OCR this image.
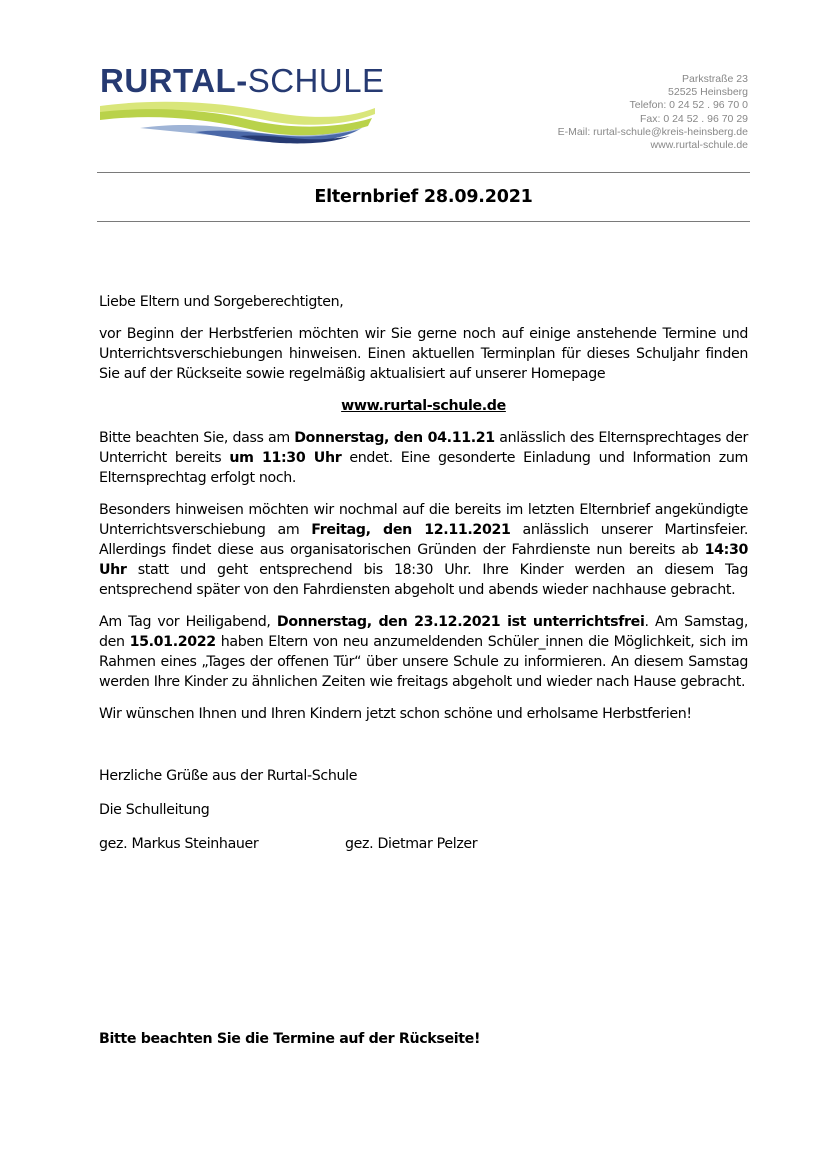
RURTAL-SCHULE	Parkstraße 23
52525 Heinsberg
Telefon: 0 24 52 . 96 70 0
Fax: 0 24 52 . 96 70 29
E-Mail: rurtal-schule@kreis-heinsberg.de
www.rurtal-schule.de
Elternbrief 28.09.2021

Liebe Eltern und Sorgeberechtigten,

vor Beginn der Herbstferien möchten wir Sie gerne noch auf einige anstehende Termine und Unterrichtsverschiebungen hinweisen. Einen aktuellen Terminplan für dieses Schuljahr finden Sie auf der Rückseite sowie regelmäßig aktualisiert auf unserer Homepage

www.rurtal-schule.de

Bitte beachten Sie, dass am Donnerstag, den 04.11.21 anlässlich des Elternsprechtages der Unterricht bereits um 11:30 Uhr endet. Eine gesonderte Einladung und Information zum Elternsprechtag erfolgt noch.

Besonders hinweisen möchten wir nochmal auf die bereits im letzten Elternbrief angekündigte Unterrichtsverschiebung am Freitag, den 12.11.2021 anlässlich unserer Martinsfeier. Allerdings findet diese aus organisatorischen Gründen der Fahrdienste nun bereits ab 14:30 Uhr statt und geht entsprechend bis 18:30 Uhr. Ihre Kinder werden an diesem Tag entsprechend später von den Fahrdiensten abgeholt und abends wieder nachhause gebracht.

Am Tag vor Heiligabend, Donnerstag, den 23.12.2021 ist unterrichtsfrei. Am Samstag, den 15.01.2022 haben Eltern von neu anzumeldenden Schüler_innen die Möglichkeit, sich im Rahmen eines „Tages der offenen Tür“ über unsere Schule zu informieren. An diesem Samstag werden Ihre Kinder zu ähnlichen Zeiten wie freitags abgeholt und wieder nach Hause gebracht.

Wir wünschen Ihnen und Ihren Kindern jetzt schon schöne und erholsame Herbstferien!

Herzliche Grüße aus der Rurtal-Schule

Die Schulleitung

gez. Markus Steinhauer	gez. Dietmar Pelzer

Bitte beachten Sie die Termine auf der Rückseite!
